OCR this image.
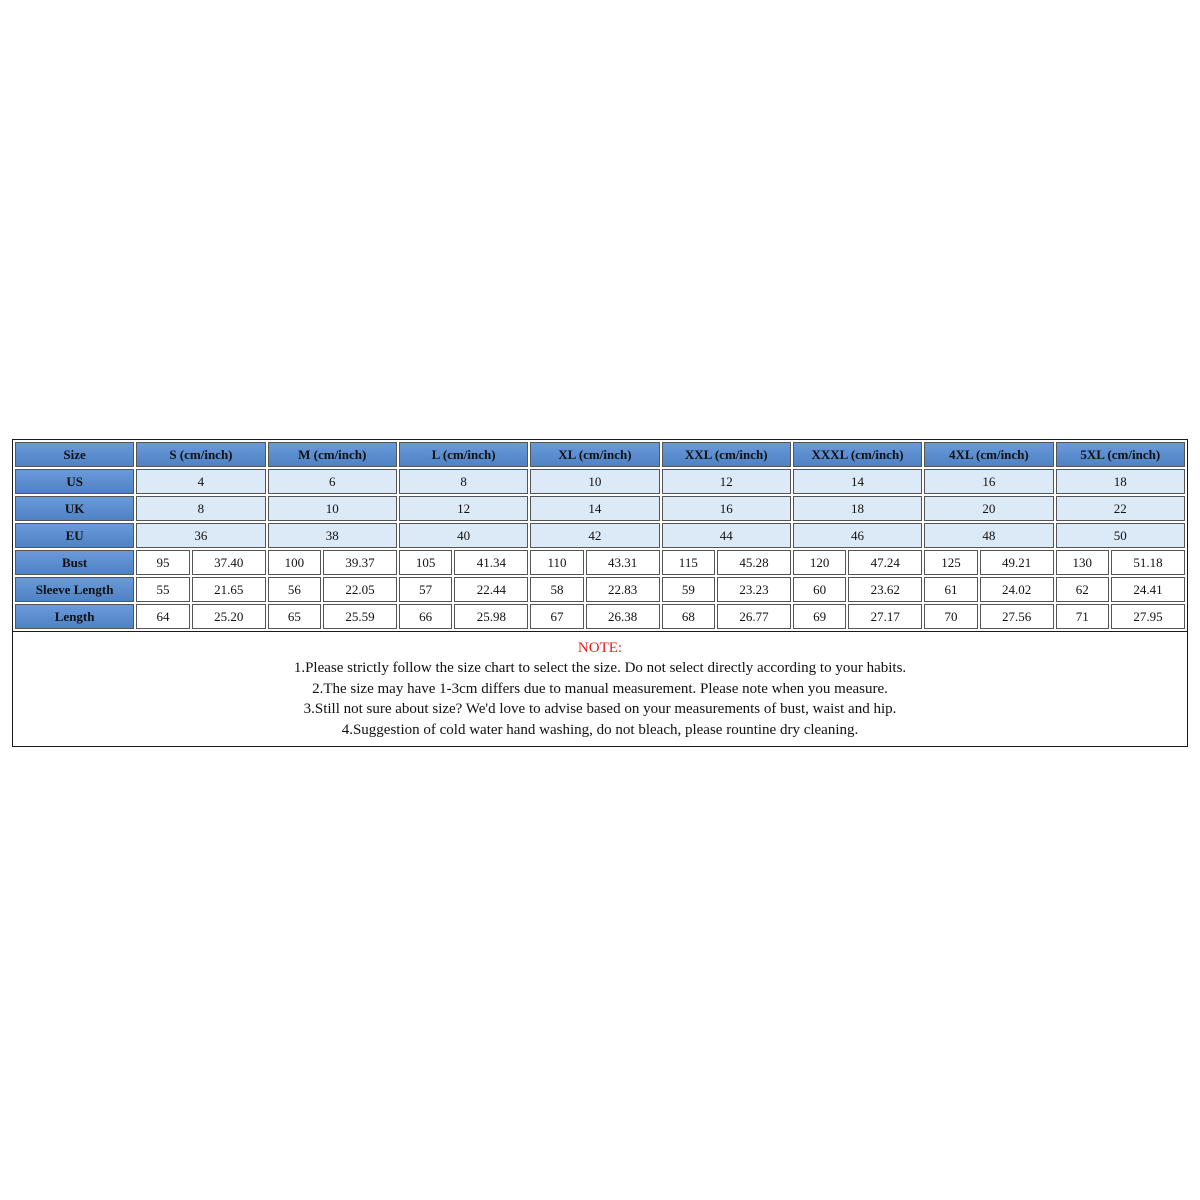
Size	S (cm/inch)		M (cm/inch)		L (cm/inch)		XL (cm/inch)		XXL (cm/inch)		XXXL (cm/inch)		4XL (cm/inch)		5XL (cm/inch)	
US	4		6		8		10		12		14		16		18	
UK	8		10		12		14		16		18		20		22	
EU	36		38		40		42		44		46		48		50	
Bust	95	37.40	100	39.37	105	41.34	110	43.31	115	45.28	120	47.24	125	49.21	130	51.18
Sleeve Length	55	21.65	56	22.05	57	22.44	58	22.83	59	23.23	60	23.62	61	24.02	62	24.41
Length	64	25.20	65	25.59	66	25.98	67	26.38	68	26.77	69	27.17	70	27.56	71	27.95
NOTE:
1.Please strictly follow the size chart to select the size. Do not select directly according to your habits.
2.The size may have 1-3cm differs due to manual measurement. Please note when you measure.
3.Still not sure about size? We'd love to advise based on your measurements of bust, waist and hip.
4.Suggestion of cold water hand washing, do not bleach, please rountine dry cleaning.
